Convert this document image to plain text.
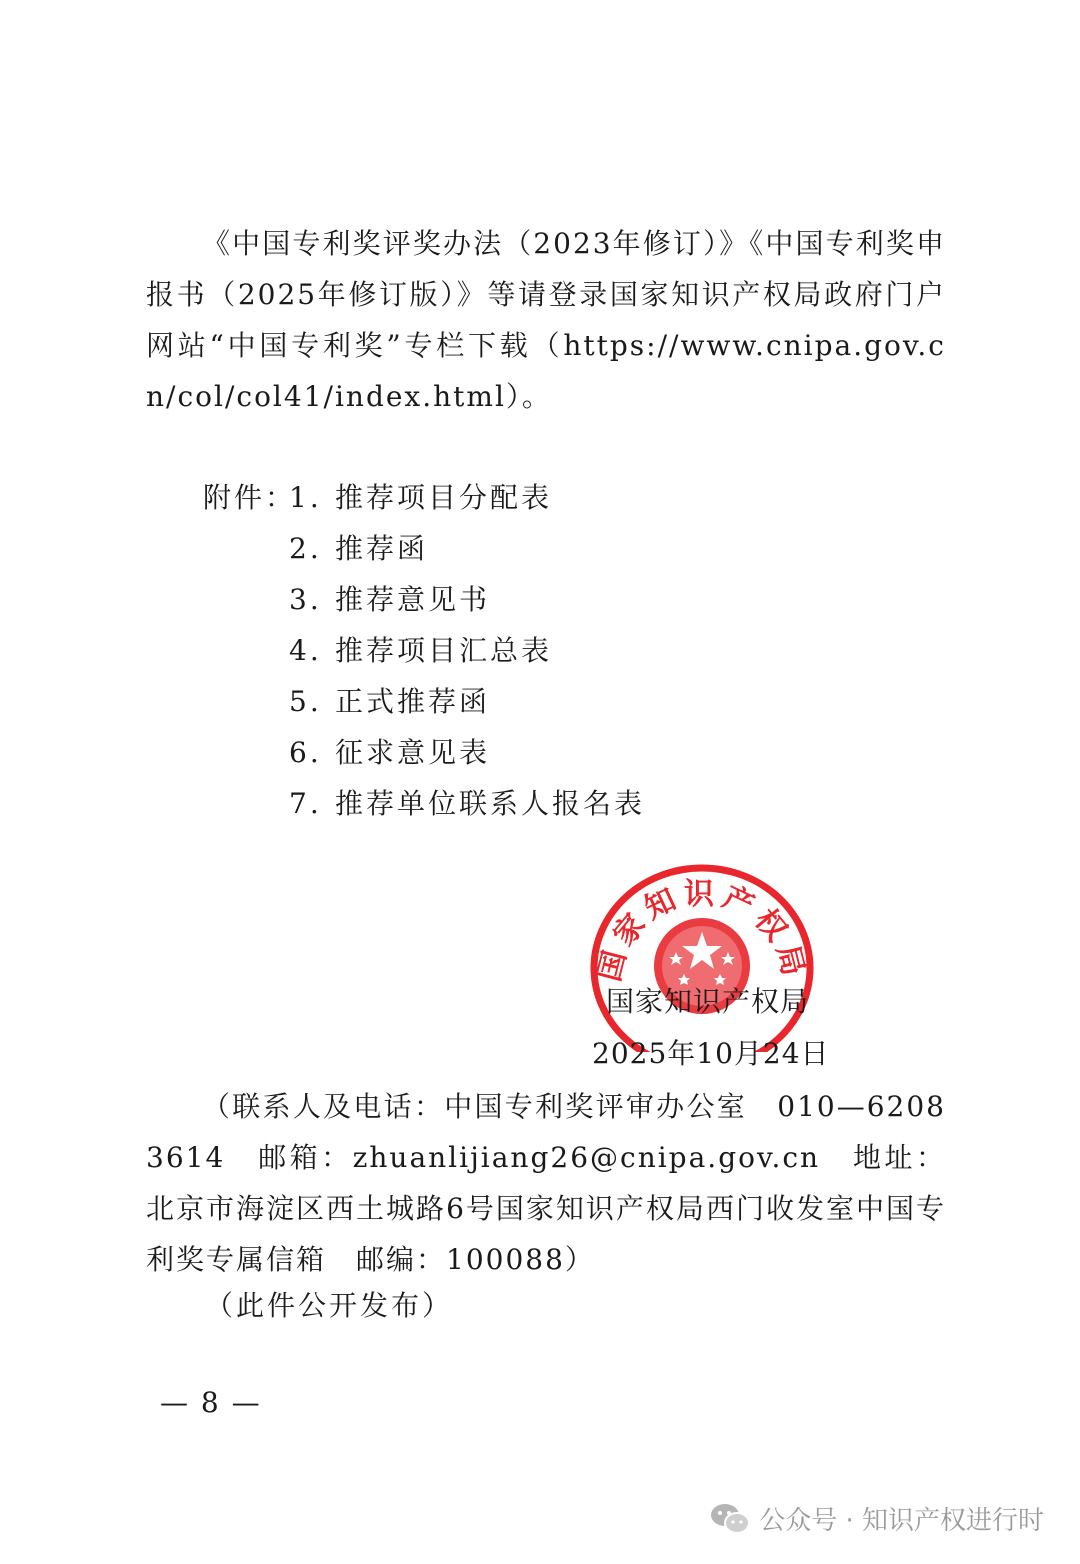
《中国专利奖评奖办法（2023年修订）》《中国专利奖申报书（2025年修订版）》等请登录国家知识产权局政府门户网站“中国专利奖”专栏下载（https://www.cnipa.gov.cn/col/col41/index.html）。

附件：
1. 推荐项目分配表
2. 推荐函
3. 推荐意见书
4. 推荐项目汇总表
5. 正式推荐函
6. 征求意见表
7. 推荐单位联系人报名表
国家知识产权局
国家知识产权局
2025年10月24日

（联系人及电话：中国专利奖评审办公室　010—62083614　邮箱：zhuanlijiang26@cnipa.gov.cn　地址：北京市海淀区西土城路6号国家知识产权局西门收发室中国专利奖专属信箱　邮编：100088）

（此件公开发布）
— 8 —
公众号 · 知识产权进行时
